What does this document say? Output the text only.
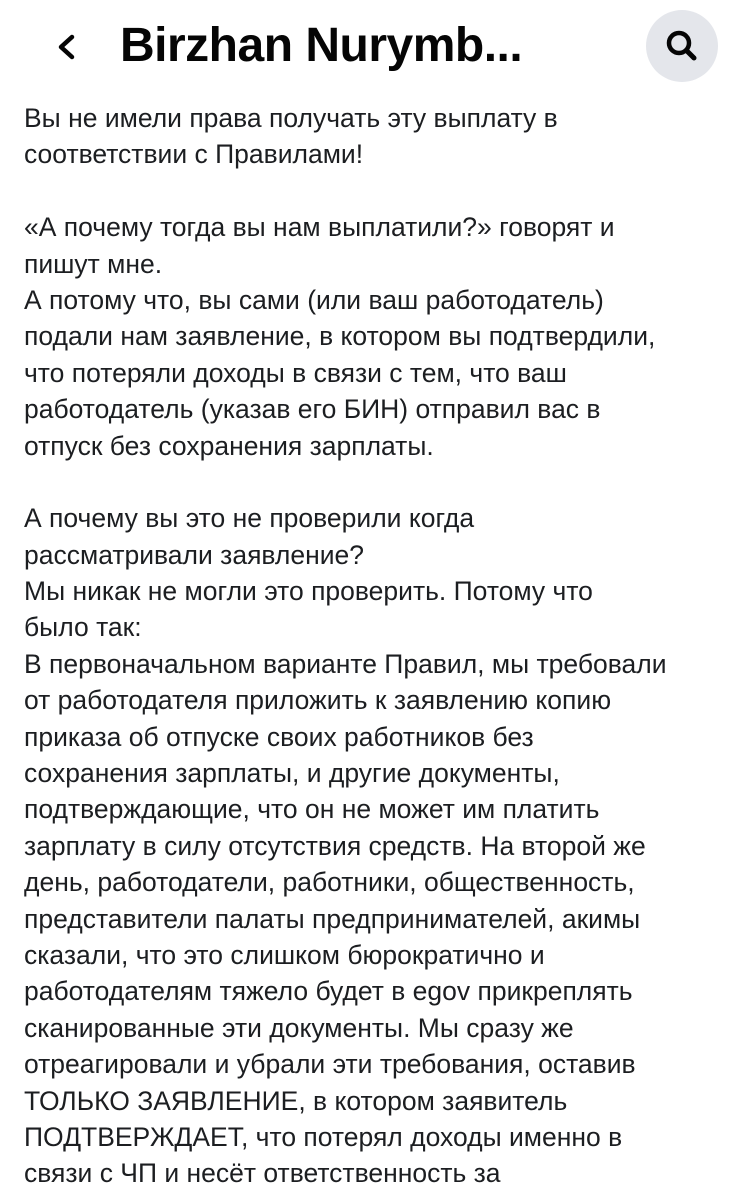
Birzhan Nurymb...
Вы не имели права получать эту выплату в
соответствии с Правилами!
«А почему тогда вы нам выплатили?» говорят и
пишут мне.
А потому что, вы сами (или ваш работодатель)
подали нам заявление, в котором вы подтвердили,
что потеряли доходы в связи с тем, что ваш
работодатель (указав его БИН) отправил вас в
отпуск без сохранения зарплаты.
А почему вы это не проверили когда
рассматривали заявление?
Мы никак не могли это проверить. Потому что
было так:
В первоначальном варианте Правил, мы требовали
от работодателя приложить к заявлению копию
приказа об отпуске своих работников без
сохранения зарплаты, и другие документы,
подтверждающие, что он не может им платить
зарплату в силу отсутствия средств. На второй же
день, работодатели, работники, общественность,
представители палаты предпринимателей, акимы
сказали, что это слишком бюрократично и
работодателям тяжело будет в egov прикреплять
сканированные эти документы. Мы сразу же
отреагировали и убрали эти требования, оставив
ТОЛЬКО ЗАЯВЛЕНИЕ, в котором заявитель
ПОДТВЕРЖДАЕТ, что потерял доходы именно в
связи с ЧП и несёт ответственность за
